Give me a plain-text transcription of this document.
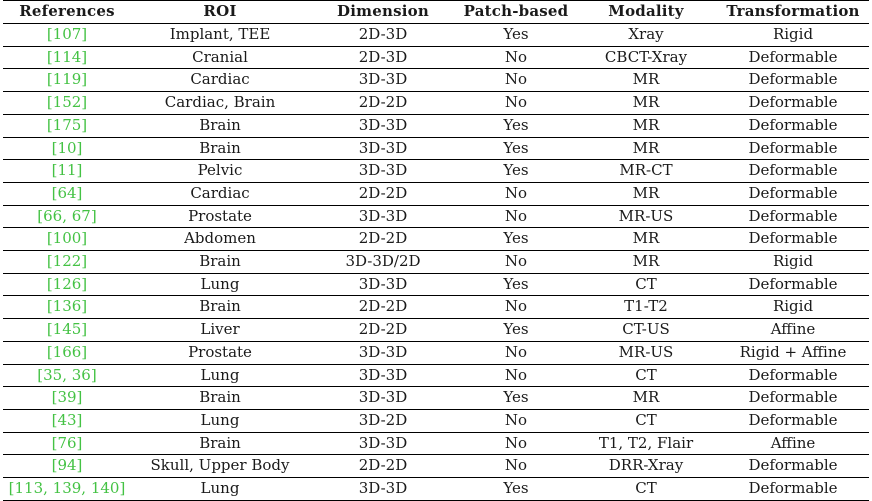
References	ROI	Dimension	Patch-based	Modality	Transformation
[107]	Implant, TEE	2D-3D	Yes	Xray	Rigid
[114]	Cranial	2D-3D	No	CBCT-Xray	Deformable
[119]	Cardiac	3D-3D	No	MR	Deformable
[152]	Cardiac, Brain	2D-2D	No	MR	Deformable
[175]	Brain	3D-3D	Yes	MR	Deformable
[10]	Brain	3D-3D	Yes	MR	Deformable
[11]	Pelvic	3D-3D	Yes	MR-CT	Deformable
[64]	Cardiac	2D-2D	No	MR	Deformable
[66, 67]	Prostate	3D-3D	No	MR-US	Deformable
[100]	Abdomen	2D-2D	Yes	MR	Deformable
[122]	Brain	3D-3D/2D	No	MR	Rigid
[126]	Lung	3D-3D	Yes	CT	Deformable
[136]	Brain	2D-2D	No	T1-T2	Rigid
[145]	Liver	2D-2D	Yes	CT-US	Affine
[166]	Prostate	3D-3D	No	MR-US	Rigid + Affine
[35, 36]	Lung	3D-3D	No	CT	Deformable
[39]	Brain	3D-3D	Yes	MR	Deformable
[43]	Lung	3D-2D	No	CT	Deformable
[76]	Brain	3D-3D	No	T1, T2, Flair	Affine
[94]	Skull, Upper Body	2D-2D	No	DRR-Xray	Deformable
[113, 139, 140]	Lung	3D-3D	Yes	CT	Deformable
